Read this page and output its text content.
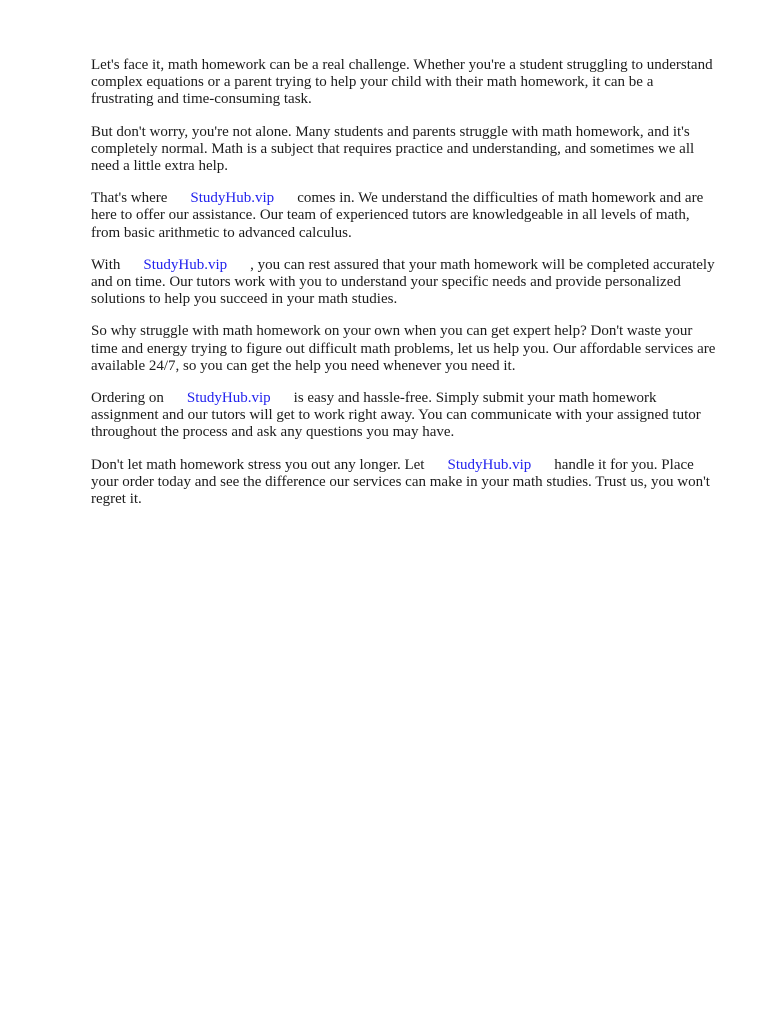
Let's face it, math homework can be a real challenge. Whether you're a student struggling to understand complex equations or a parent trying to help your child with their math homework, it can be a frustrating and time-consuming task.

But don't worry, you're not alone. Many students and parents struggle with math homework, and it's completely normal. Math is a subject that requires practice and understanding, and sometimes we all need a little extra help.

That's where StudyHub.vip comes in. We understand the difficulties of math homework and are here to offer our assistance. Our team of experienced tutors are knowledgeable in all levels of math, from basic arithmetic to advanced calculus.

With StudyHub.vip , you can rest assured that your math homework will be completed accurately and on time. Our tutors work with you to understand your specific needs and provide personalized solutions to help you succeed in your math studies.

So why struggle with math homework on your own when you can get expert help? Don't waste your time and energy trying to figure out difficult math problems, let us help you. Our affordable services are available 24/7, so you can get the help you need whenever you need it.

Ordering on StudyHub.vip is easy and hassle-free. Simply submit your math homework assignment and our tutors will get to work right away. You can communicate with your assigned tutor throughout the process and ask any questions you may have.

Don't let math homework stress you out any longer. Let StudyHub.vip handle it for you. Place your order today and see the difference our services can make in your math studies. Trust us, you won't regret it.
